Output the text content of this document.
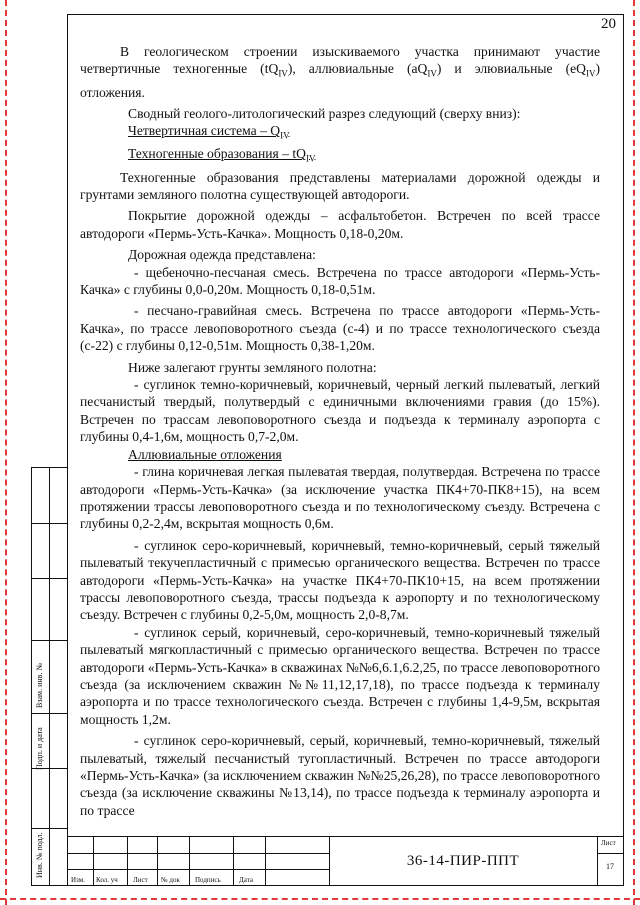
20

В геологическом строении изыскиваемого участка принимают участие четвертичные техногенные $(tQ_{IV})$, аллювиальные $(aQ_{IV})$ и элювиальные $(eQ_{IV})$ отложения.

Сводный геолого-литологический разрез следующий (сверху вниз):

Четвертичная система – $Q_{IV}$

Техногенные образования – $tQ_{IV}$

Техногенные образования представлены материалами дорожной одежды и грунтами земляного полотна существующей автодороги.

Покрытие дорожной одежды – асфальтобетон. Встречен по всей трассе автодороги «Пермь-Усть-Качка». Мощность 0,18-0,20м.

Дорожная одежда представлена:

- щебеночно-песчаная смесь. Встречена по трассе автодороги «Пермь-Усть-Качка» с глубины 0,0-0,20м. Мощность 0,18-0,51м.

- песчано-гравийная смесь. Встречена по трассе автодороги «Пермь-Усть-Качка», по трассе левоповоротного съезда (с-4) и по трассе технологического съезда (с-22) с глубины 0,12-0,51м. Мощность 0,38-1,20м.

Ниже залегают грунты земляного полотна:

- суглинок темно-коричневый, коричневый, черный легкий пылеватый, легкий песчанистый твердый, полутвердый с единичными включениями гравия (до 15%). Встречен по трассам левоповоротного съезда и подъезда к терминалу аэропорта с глубины 0,4-1,6м, мощность 0,7-2,0м.

Аллювиальные отложения

- глина коричневая легкая пылеватая твердая, полутвердая. Встречена по трассе автодороги «Пермь-Усть-Качка» (за исключение участка ПК4+70-ПК8+15), на всем протяжении трассы левоповоротного съезда и по технологическому съезду. Встречена с глубины 0,2-2,4м, вскрытая мощность 0,6м.

- суглинок серо-коричневый, коричневый, темно-коричневый, серый тяжелый пылеватый текучепластичный с примесью органического вещества. Встречен по трассе автодороги «Пермь-Усть-Качка» на участке ПК4+70-ПК10+15, на всем протяжении трассы левоповоротного съезда, трассы подъезда к аэропорту и по технологическому съезду. Встречен с глубины 0,2-5,0м, мощность 2,0-8,7м.

- суглинок серый, коричневый, серо-коричневый, темно-коричневый тяжелый пылеватый мягкопластичный с примесью органического вещества. Встречен по трассе автодороги «Пермь-Усть-Качка» в скважинах №№6,6.1,6.2,25, по трассе левоповоротного съезда (за исключением скважин №№11,12,17,18), по трассе подъезда к терминалу аэропорта и по трассе технологического съезда. Встречен с глубины 1,4-9,5м, вскрытая мощность 1,2м.

- суглинок серо-коричневый, серый, коричневый, темно-коричневый, тяжелый пылеватый, тяжелый песчанистый тугопластичный. Встречен по трассе автодороги «Пермь-Усть-Качка» (за исключением скважин №№25,26,28), по трассе левоповоротного съезда (за исключение скважины №13,14), по трассе подъезда к терминалу аэропорта и по трассе

Взам. инв. №
Подп. и дата
Инв. № подл.
Изм. Кол. уч Лист № док Подпись	Дата
36-14-ПИР-ППТ
Лист
17
